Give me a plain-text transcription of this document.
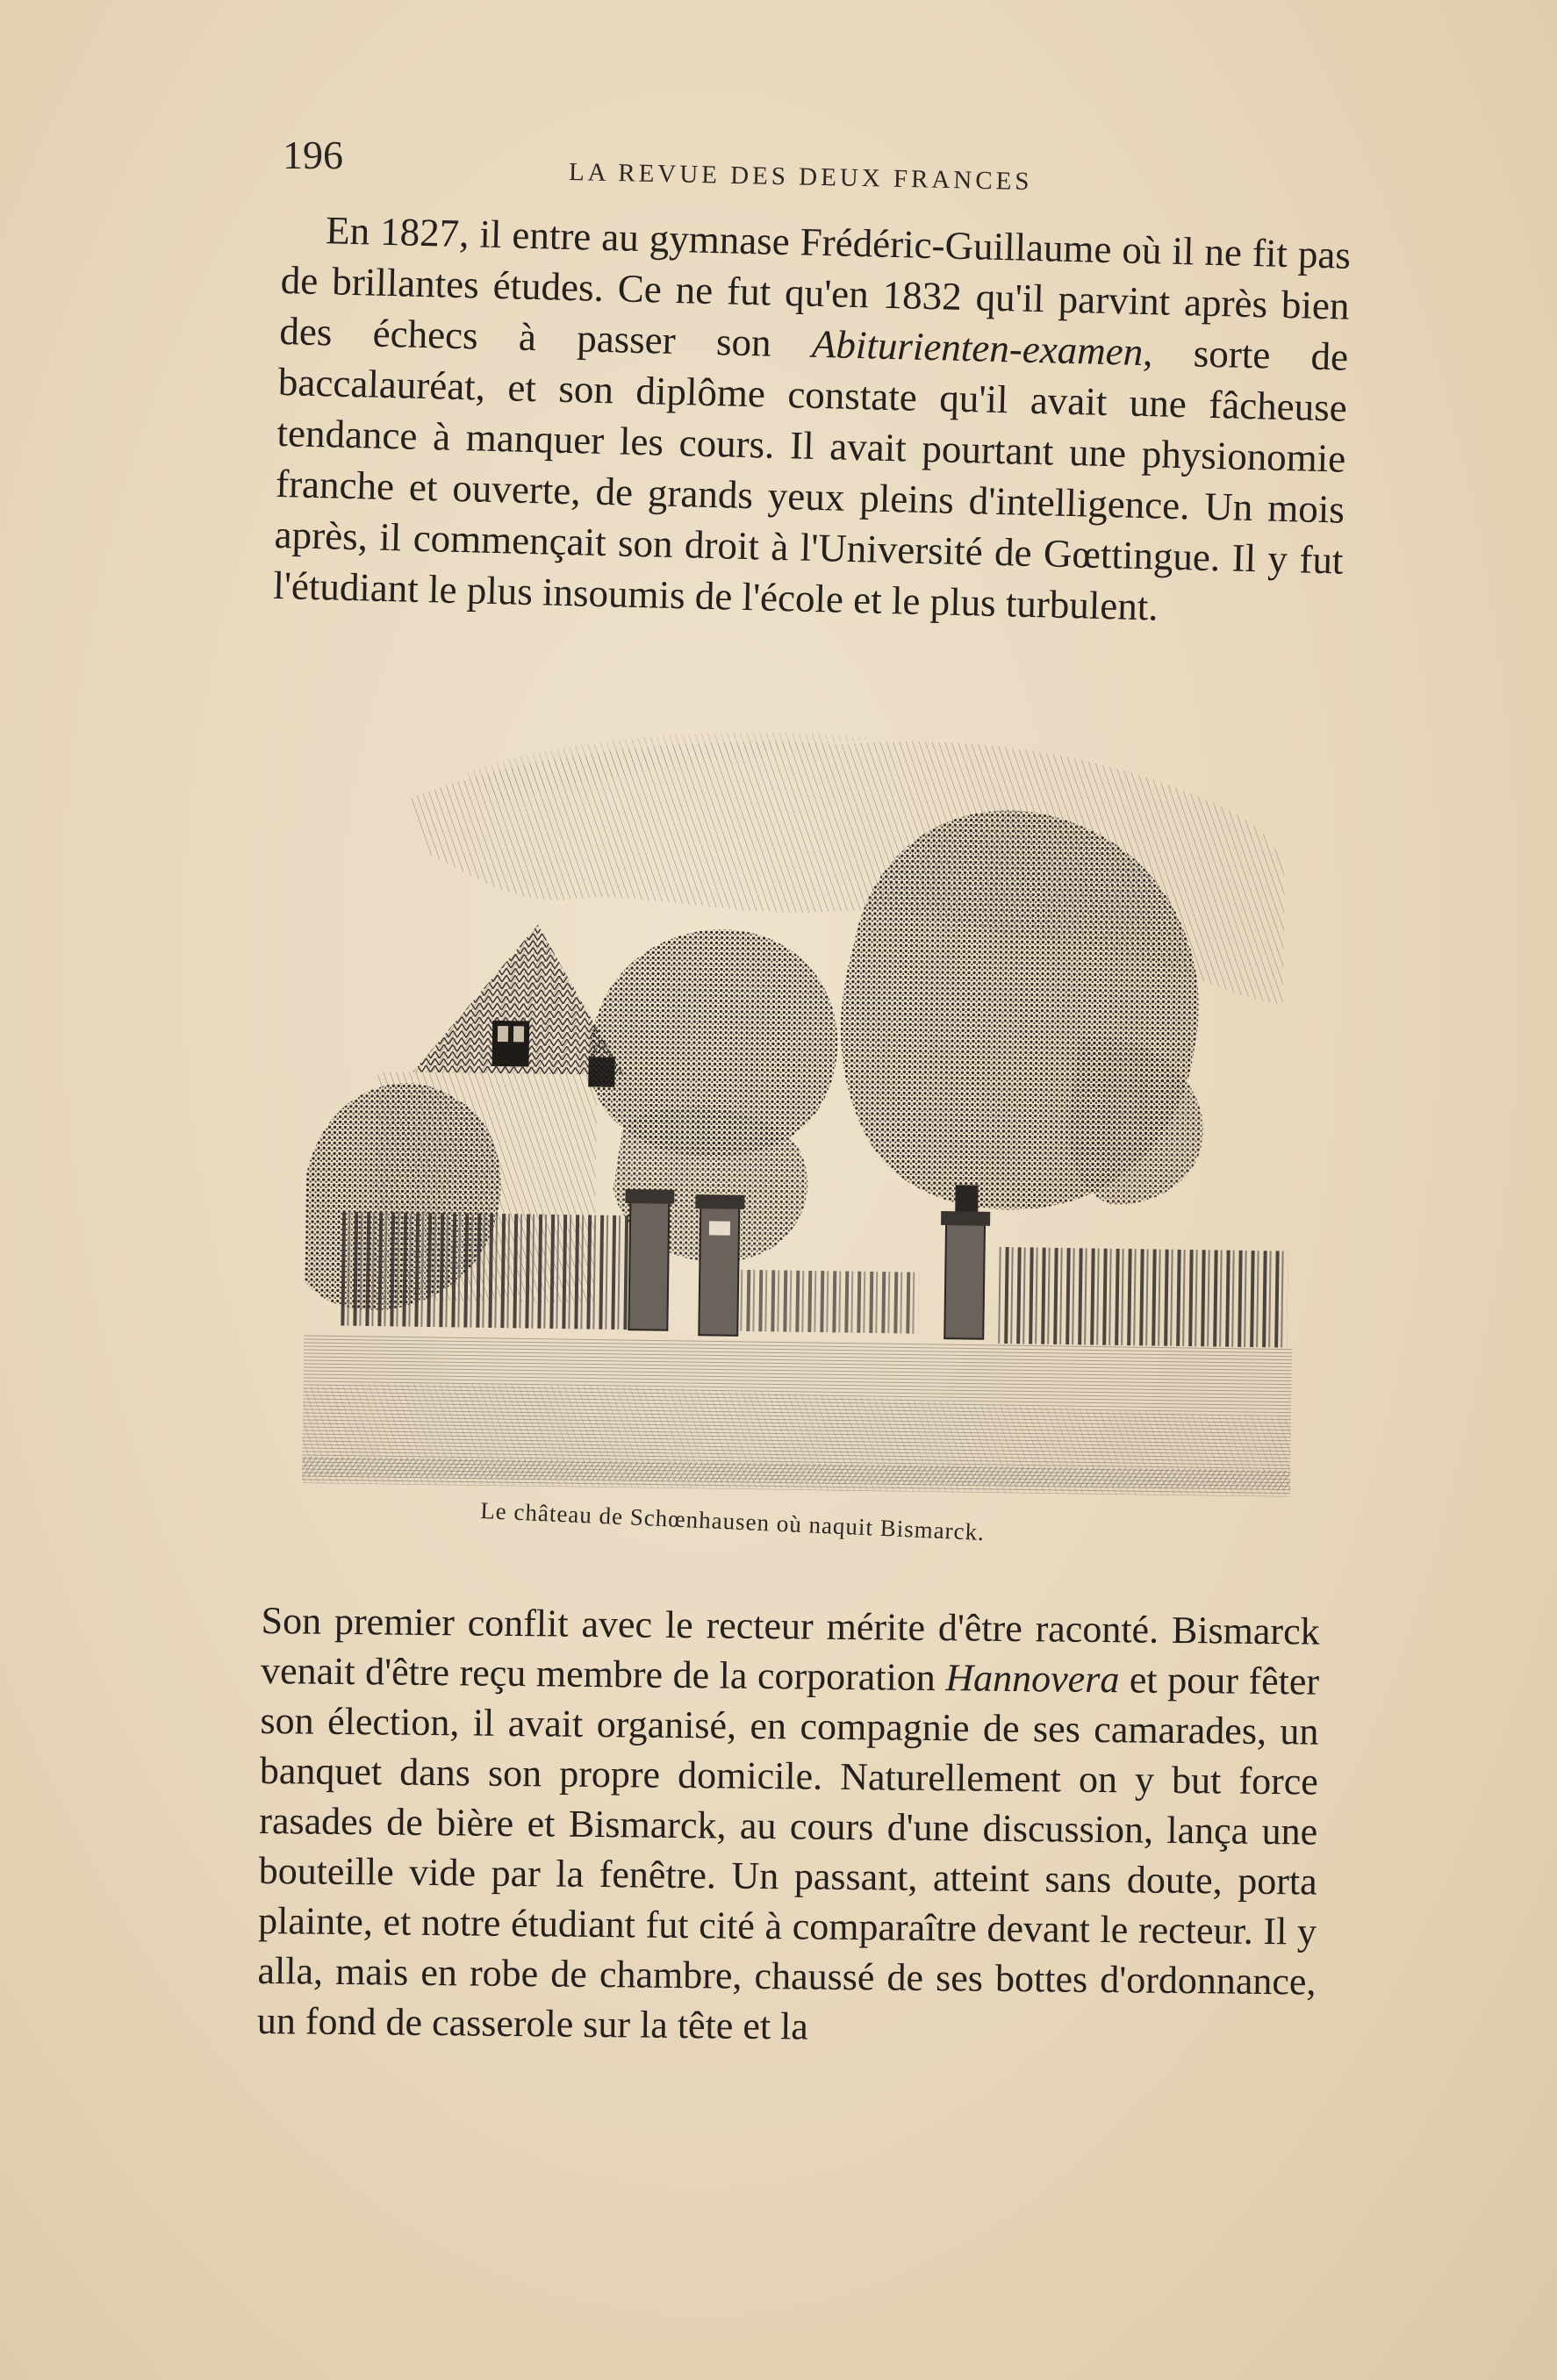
196	LA REVUE DES DEUX FRANCES

En 1827, il entre au gymnase Frédéric-Guillaume où il ne fit pas de brillantes études. Ce ne fut qu'en 1832 qu'il parvint après bien des échecs à passer son Abiturienten-examen, sorte de baccalauréat, et son diplôme constate qu'il avait une fâcheuse tendance à manquer les cours. Il avait pourtant une physionomie franche et ouverte, de grands yeux pleins d'intelligence. Un mois après, il commençait son droit à l'Université de Gœttingue. Il y fut l'étudiant le plus insoumis de l'école et le plus turbulent.

Le château de Schœnhausen où naquit Bismarck.

Son premier conflit avec le recteur mérite d'être raconté. Bismarck venait d'être reçu membre de la corporation Hannovera et pour fêter son élection, il avait organisé, en compagnie de ses camarades, un banquet dans son propre domicile. Naturellement on y but force rasades de bière et Bismarck, au cours d'une discussion, lança une bouteille vide par la fenêtre. Un passant, atteint sans doute, porta plainte, et notre étudiant fut cité à comparaître devant le recteur. Il y alla, mais en robe de chambre, chaussé de ses bottes d'ordonnance, un fond de casserole sur la tête et la
